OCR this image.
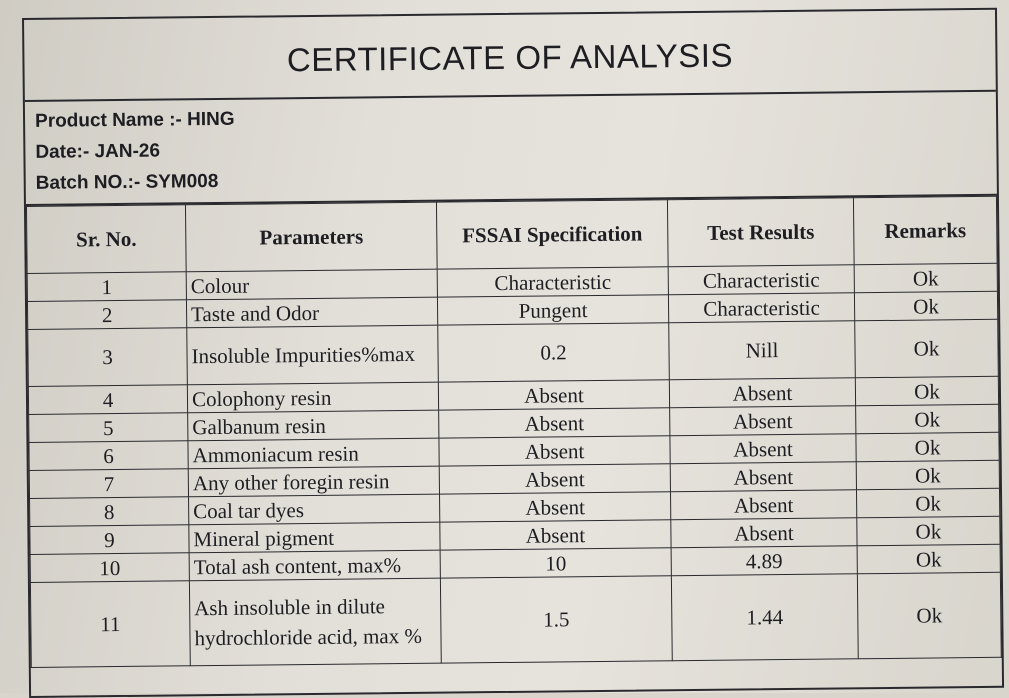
CERTIFICATE OF ANALYSIS
Product Name :- HING
Date:- JAN-26
Batch NO.:- SYM008
Sr. No.	Parameters	FSSAI Specification	Test Results	Remarks
1	Colour	Characteristic	Characteristic	Ok
2	Taste and Odor	Pungent	Characteristic	Ok
3	Insoluble Impurities%max	0.2	Nill	Ok
4	Colophony resin	Absent	Absent	Ok
5	Galbanum resin	Absent	Absent	Ok
6	Ammoniacum resin	Absent	Absent	Ok
7	Any other foregin resin	Absent	Absent	Ok
8	Coal tar dyes	Absent	Absent	Ok
9	Mineral pigment	Absent	Absent	Ok
10	Total ash content, max%	10	4.89	Ok
11	Ash insoluble in dilute hydrochloride acid, max %	1.5	1.44	Ok
